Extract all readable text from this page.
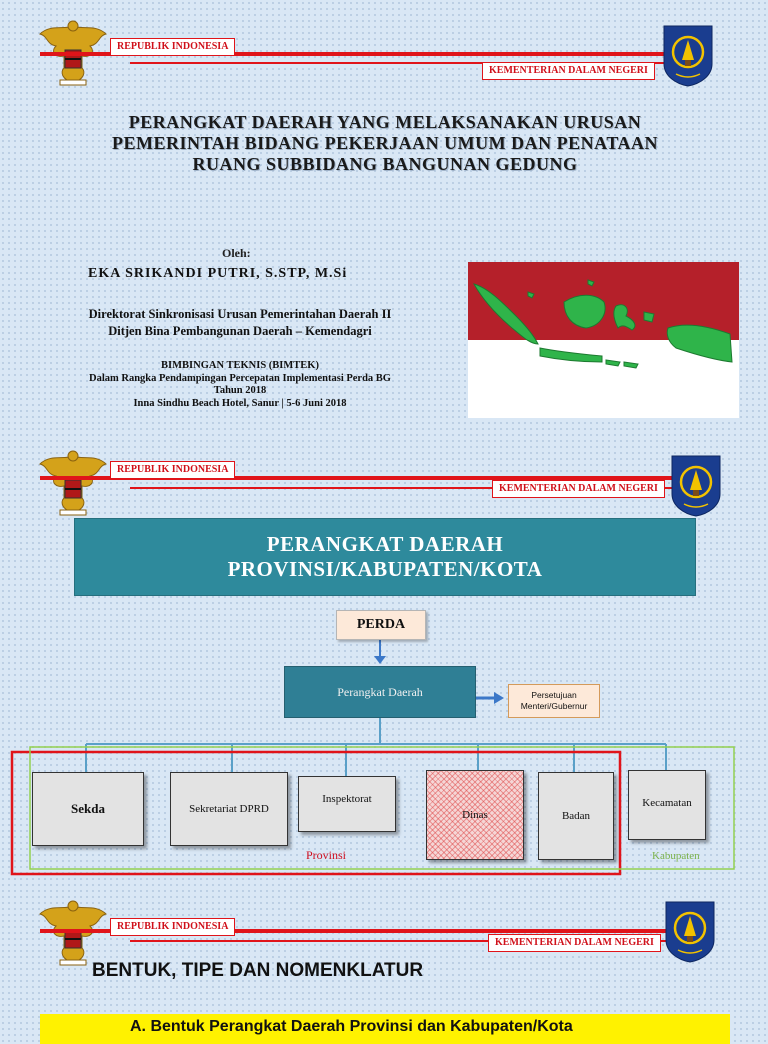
REPUBLIK INDONESIA
KEMENTERIAN DALAM NEGERI
PERANGKAT DAERAH YANG MELAKSANAKAN URUSAN
PEMERINTAH BIDANG PEKERJAAN UMUM DAN PENATAAN
RUANG SUBBIDANG BANGUNAN GEDUNG
Oleh:
EKA SRIKANDI PUTRI, S.STP, M.Si
Direktorat Sinkronisasi Urusan Pemerintahan Daerah II
Ditjen Bina Pembangunan Daerah – Kemendagri
BIMBINGAN TEKNIS (BIMTEK)
Dalam Rangka Pendampingan Percepatan Implementasi Perda BG
Tahun 2018
Inna Sindhu Beach Hotel, Sanur | 5-6 Juni 2018
REPUBLIK INDONESIA
KEMENTERIAN DALAM NEGERI
PERANGKAT DAERAH
PROVINSI/KABUPATEN/KOTA
PERDA
Perangkat Daerah	Persetujuan
Menteri/Gubernur
Sekda	Sekretariat DPRD
Inspektorat
Dinas	Badan
Kecamatan
Provinsi	Kabupaten
REPUBLIK INDONESIA
KEMENTERIAN DALAM NEGERI
BENTUK, TIPE DAN NOMENKLATUR
A. Bentuk Perangkat Daerah Provinsi dan Kabupaten/Kota
